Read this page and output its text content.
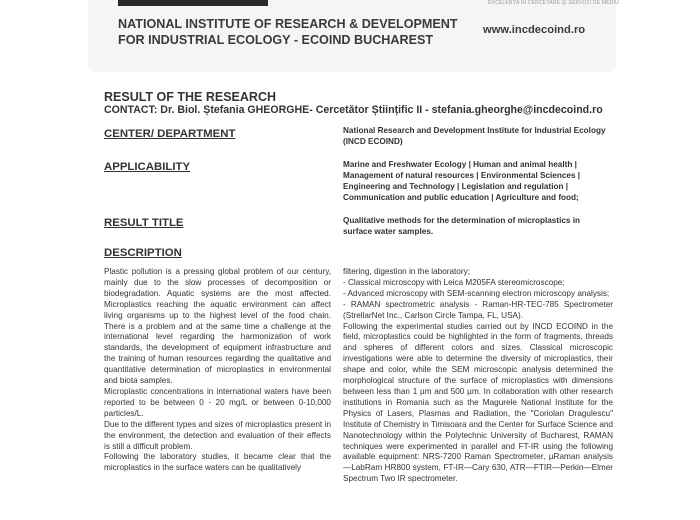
EXCELENȚA ÎN CERCETARE ȘI SERVICII DE MEDIU
NATIONAL INSTITUTE OF RESEARCH & DEVELOPMENT
FOR INDUSTRIAL ECOLOGY - ECOIND BUCHAREST
www.incdecoind.ro
RESULT OF THE RESEARCH
CONTACT: Dr. Biol. Ștefania GHEORGHE- Cercetător Științific II - stefania.gheorghe@incdecoind.ro
CENTER/ DEPARTMENT	National Research and Development Institute for Industrial Ecology (INCD ECOIND)
APPLICABILITY	Marine and Freshwater Ecology | Human and animal health | Management of natural resources | Environmental Sciences | Engineering and Technology | Legislation and regulation | Communication and public education | Agriculture and food;
RESULT TITLE	Qualitative methods for the determination of microplastics in surface water samples.
DESCRIPTION

Plastic pollution is a pressing global problem of our century, mainly due to the slow processes of decomposition or biodegradation. Aquatic systems are the most affected. Microplastics reaching the aquatic environment can affect living organisms up to the highest level of the food chain. There is a problem and at the same time a challenge at the international level regarding the harmonization of work standards, the development of equipment infrastructure and the training of human resources regarding the qualitative and quantitative determination of microplastics in environmental and biota samples.

Microplastic concentrations in international waters have been reported to be between 0 - 20 mg/L or between 0-10,000 particles/L.

Due to the different types and sizes of microplastics present in the environment, the detection and evaluation of their effects is still a difficult problem.

Following the laboratory studies, it became clear that the microplastics in the surface waters can be qualitatively

filtering, digestion in the laboratory;

- Classical microscopy with Leica M205FA stereomicroscope;

- Advanced microscopy with SEM-scanning electron microscopy analysis;

- RAMAN spectrometric analysis - Raman-HR-TEC-785 Spectrometer (StrellarNet Inc., Carlson Circle Tampa, FL, USA).

Following the experimental studies carried out by INCD ECOIND in the field, microplastics could be highlighted in the form of fragments, threads and spheres of different colors and sizes. Classical microscopic investigations were able to determine the diversity of microplastics, their shape and color, while the SEM microscopic analysis determined the morphological structure of the surface of microplastics with dimensions between less than 1 µm and 500 µm. In collaboration with other research institutions in Romania such as the Magurele National Institute for the Physics of Lasers, Plasmas and Radiation, the "Coriolan Dragulescu" Institute of Chemistry in Timisoara and the Center for Surface Science and Nanotechnology within the Polytechnic University of Bucharest, RAMAN techniques were experimented in parallel and FT-IR using the following available equipment: NRS-7200 Raman Spectrometer, µRaman analysis—LabRam HR800 system, FT-IR—Cary 630, ATR—FTIR—Perkin—Elmer Spectrum Two IR spectrometer.
